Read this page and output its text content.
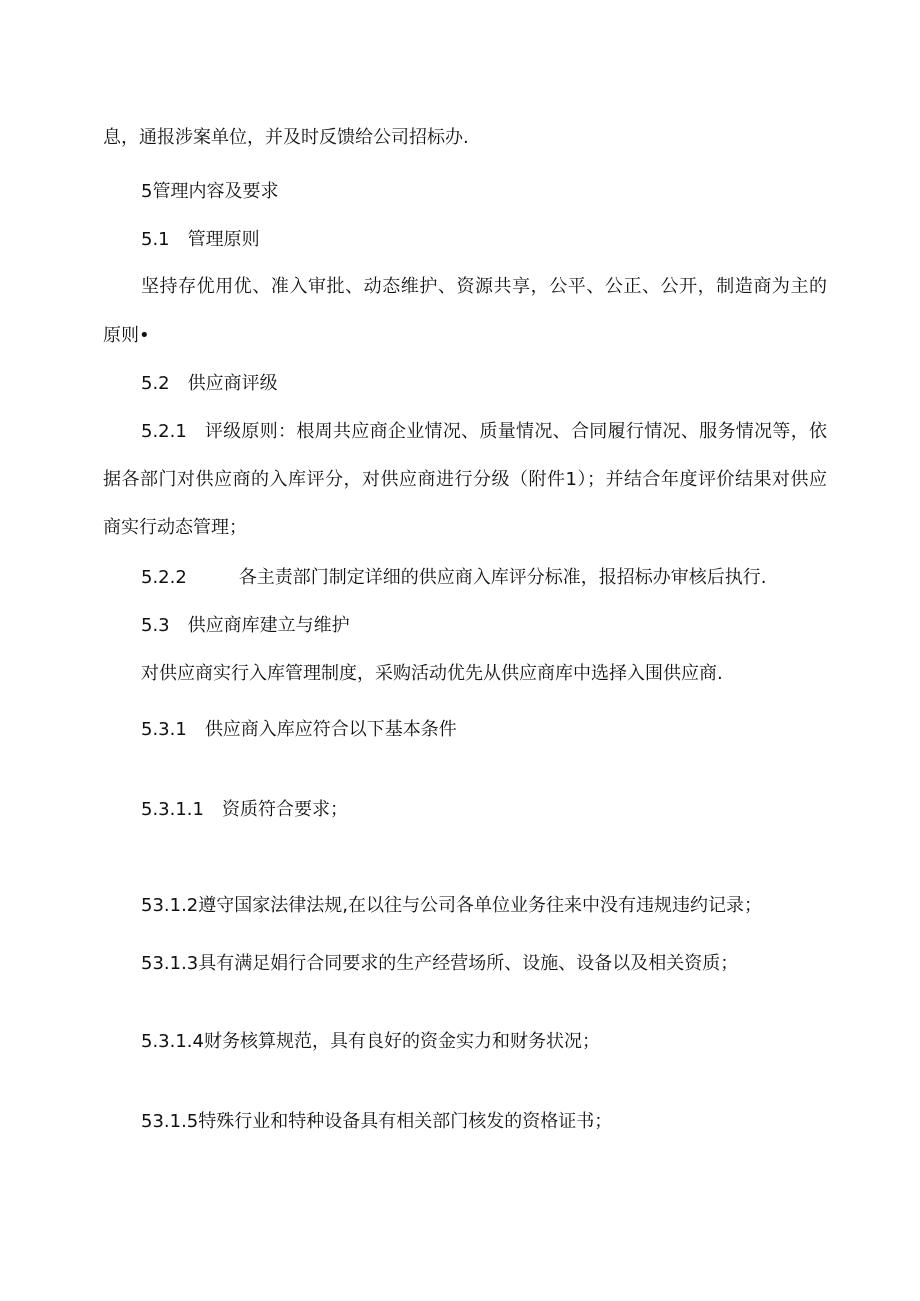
息，通报涉案单位，并及时反馈给公司招标办.
5管理内容及要求
5.1 管理原则
坚持存优用优、准入审批、动态维护、资源共享，公平、公正、公开，制造商为主的
原则•
5.2 供应商评级
5.2.1 评级原则：根周共应商企业情况、质量情况、合同履行情况、服务情况等，依
据各部门对供应商的入库评分，对供应商进行分级（附件1）；并结合年度评价结果对供应
商实行动态管理；
5.2.2	各主责部门制定详细的供应商入库评分标准，报招标办审核后执行.
5.3 供应商库建立与维护
对供应商实行入库管理制度，采购活动优先从供应商库中选择入围供应商.
5.3.1 供应商入库应符合以下基本条件
5.3.1.1 资质符合要求；
53.1.2遵守国家法律法规,在以往与公司各单位业务往来中没有违规违约记录；
53.1.3具有满足娟行合同要求的生产经营场所、设施、设备以及相关资质；
5.3.1.4财务核算规范，具有良好的资金实力和财务状况；
53.1.5特殊行业和特种设备具有相关部门核发的资格证书；
